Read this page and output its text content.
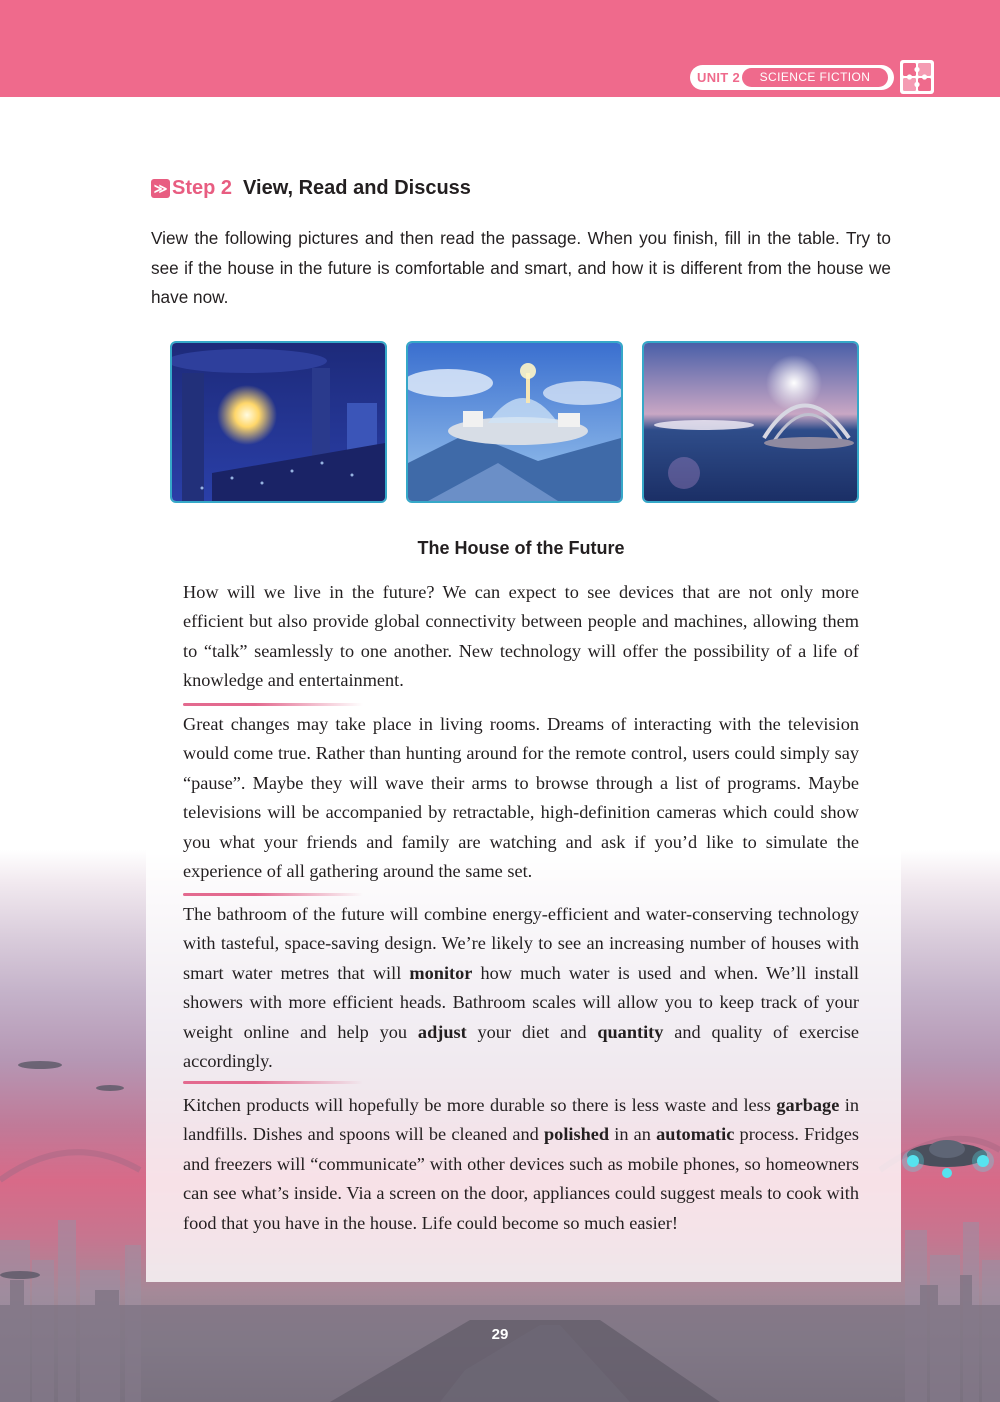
UNIT 2	SCIENCE FICTION
≫ Step 2 View, Read and Discuss
View the following pictures and then read the passage. When you finish, fill in the table. Try to see if the house in the future is comfortable and smart, and how it is different from the house we have now.
The House of the Future
How will we live in the future? We can expect to see devices that are not only more efficient but also provide global connectivity between people and machines, allowing them to “talk” seamlessly to one another. New technology will offer the possibility of a life of knowledge and entertainment.
Great changes may take place in living rooms. Dreams of interacting with the television would come true. Rather than hunting around for the remote control, users could simply say “pause”. Maybe they will wave their arms to browse through a list of programs. Maybe televisions will be accompanied by retractable, high-definition cameras which could show you what your friends and family are watching and ask if you’d like to simulate the experience of all gathering around the same set.
The bathroom of the future will combine energy-efficient and water-conserving technology with tasteful, space-saving design. We’re likely to see an increasing number of houses with smart water metres that will monitor how much water is used and when. We’ll install showers with more efficient heads. Bathroom scales will allow you to keep track of your weight online and help you adjust your diet and quantity and quality of exercise accordingly.
Kitchen products will hopefully be more durable so there is less waste and less garbage in landfills. Dishes and spoons will be cleaned and polished in an automatic process. Fridges and freezers will “communicate” with other devices such as mobile phones, so homeowners can see what’s inside. Via a screen on the door, appliances could suggest meals to cook with food that you have in the house. Life could become so much easier!
29
